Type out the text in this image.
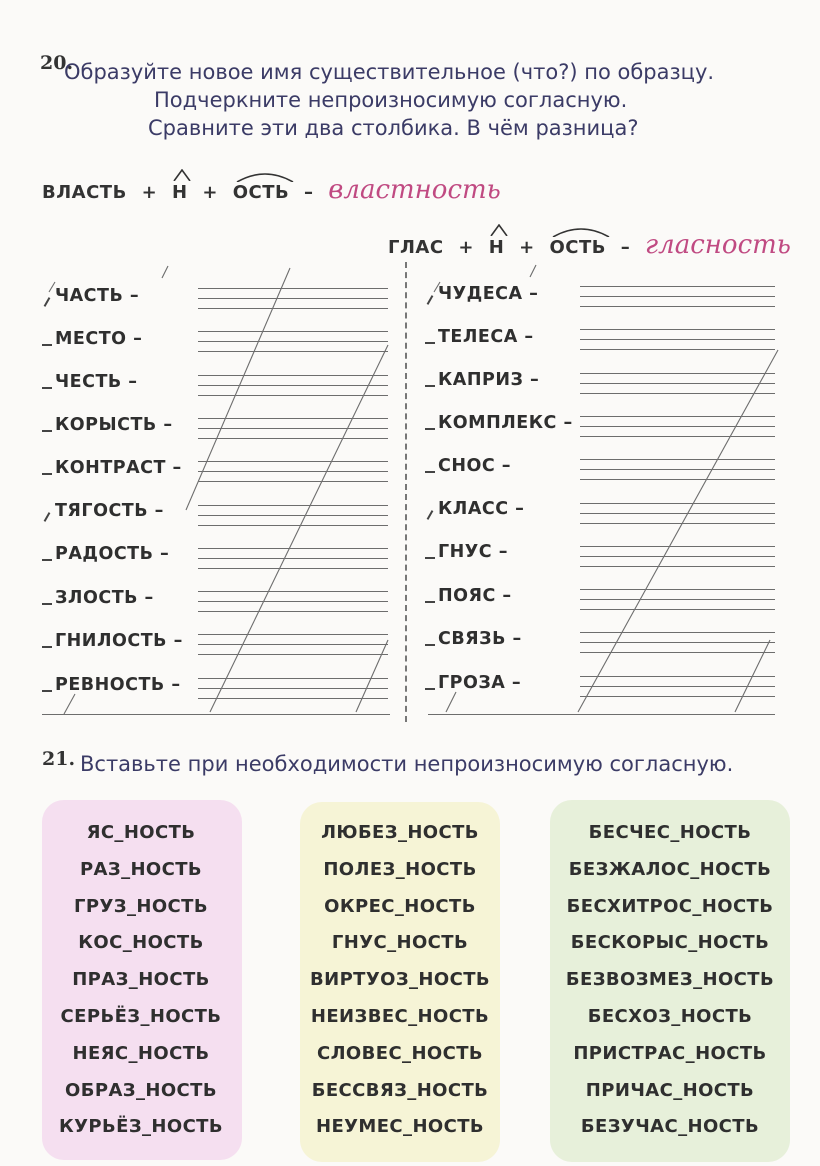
20.
Образуйте новое имя существительное (что?) по образцу.
Подчеркните непроизносимую согласную.
Сравните эти два столбика. В чём разница?
ВЛАСТЬ + Н + ОСТЬ – властность
ГЛАС + Н + ОСТЬ – гласность
ЧАСТЬ –
МЕСТО –
ЧЕСТЬ –
КОРЫСТЬ –
КОНТРАСТ –
ТЯГОСТЬ –
РАДОСТЬ –
ЗЛОСТЬ –
ГНИЛОСТЬ –
РЕВНОСТЬ –
ЧУДЕСА –
ТЕЛЕСА –
КАПРИЗ –
КОМПЛЕКС –
СНОС –
КЛАСС –
ГНУС –
ПОЯС –
СВЯЗЬ –
ГРОЗА –
21. Вставьте при необходимости непроизносимую согласную.
ЯС_НОСТЬ
РАЗ_НОСТЬ
ГРУЗ_НОСТЬ
КОС_НОСТЬ
ПРАЗ_НОСТЬ
СЕРЬЁЗ_НОСТЬ
НЕЯС_НОСТЬ
ОБРАЗ_НОСТЬ
КУРЬЁЗ_НОСТЬ
ЛЮБЕЗ_НОСТЬ
ПОЛЕЗ_НОСТЬ
ОКРЕС_НОСТЬ
ГНУС_НОСТЬ
ВИРТУОЗ_НОСТЬ
НЕИЗВЕС_НОСТЬ
СЛОВЕС_НОСТЬ
БЕССВЯЗ_НОСТЬ
НЕУМЕС_НОСТЬ
БЕСЧЕС_НОСТЬ
БЕЗЖАЛОС_НОСТЬ
БЕСХИТРОС_НОСТЬ
БЕСКОРЫС_НОСТЬ
БЕЗВОЗМЕЗ_НОСТЬ
БЕСХОЗ_НОСТЬ
ПРИСТРАС_НОСТЬ
ПРИЧАС_НОСТЬ
БЕЗУЧАС_НОСТЬ
